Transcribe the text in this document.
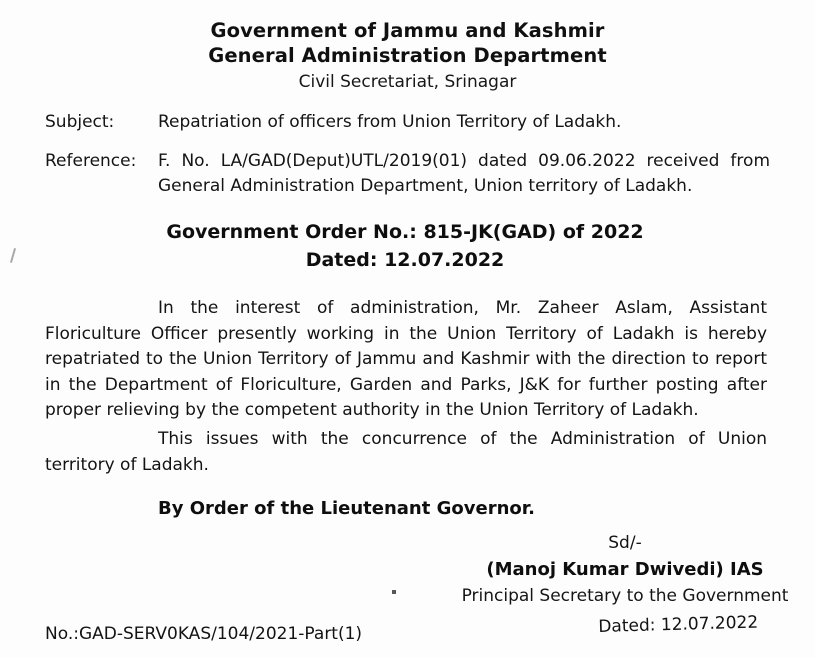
Government of Jammu and Kashmir
General Administration Department
Civil Secretariat, Srinagar
Subject:	Repatriation of officers from Union Territory of Ladakh.
Reference:	F. No. LA/GAD(Deput)UTL/2019(01) dated 09.06.2022 received from General Administration Department, Union territory of Ladakh.
Government Order No.: 815-JK(GAD) of 2022
Dated: 12.07.2022
In the interest of administration, Mr. Zaheer Aslam, Assistant Floriculture Officer presently working in the Union Territory of Ladakh is hereby repatriated to the Union Territory of Jammu and Kashmir with the direction to report in the Department of Floriculture, Garden and Parks, J&K for further posting after proper relieving by the competent authority in the Union Territory of Ladakh.
This issues with the concurrence of the Administration of Union territory of Ladakh.
By Order of the Lieutenant Governor.
Sd/-
(Manoj Kumar Dwivedi) IAS
Principal Secretary to the Government
No.:GAD-SERV0KAS/104/2021-Part(1)	Dated: 12.07.2022
